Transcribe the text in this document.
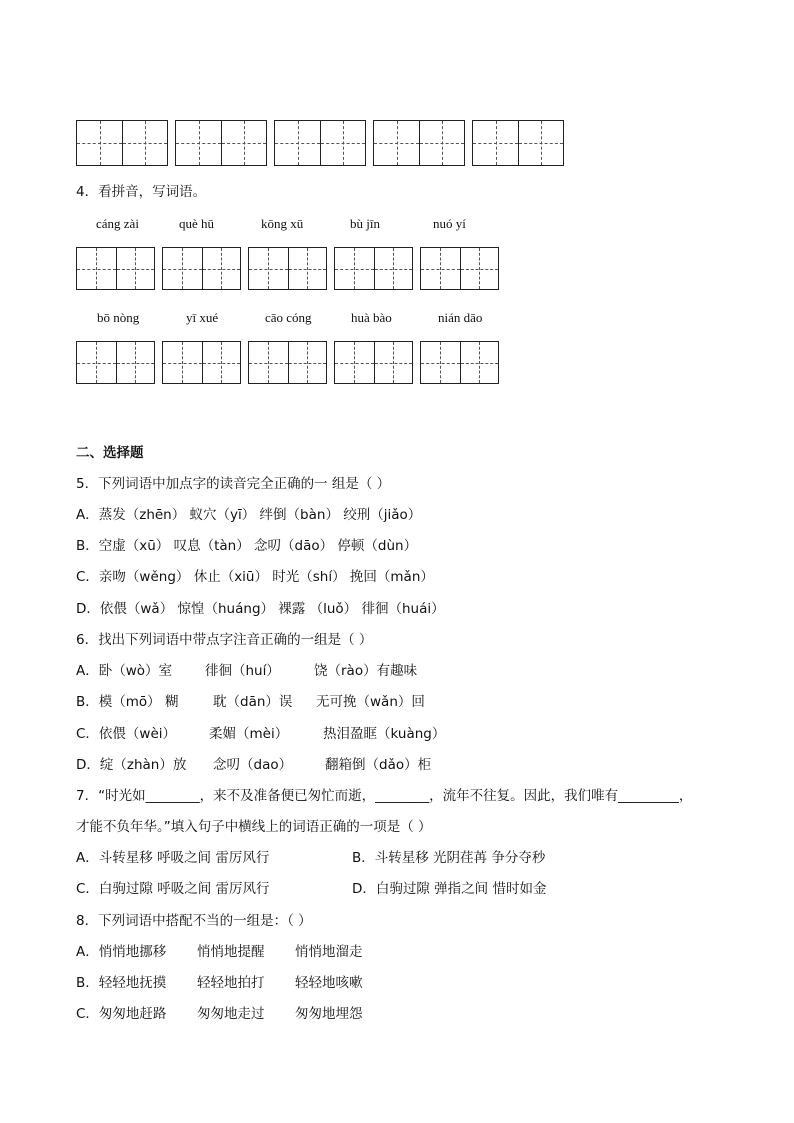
4．看拼音，写词语。
cáng zài	què hū	kōng xū	bù jīn	nuó yí
bō nòng	yī xué	cāo cóng	huà bào	nián dāo
二、选择题
5．下列词语中加点字的读音完全正确的一 组是（ ）
A．蒸发（zhēn） 蚁穴（yī） 绊倒（bàn） 绞刑（jiǎo）
B．空虚（xū） 叹息（tàn） 念叨（dāo） 停顿（dùn）
C．亲吻（wěng） 休止（xiū） 时光（shí） 挽回（mǎn）
D．依偎（wǎ） 惊惶（huáng） 裸露 （luǒ） 徘徊（huái）
6．找出下列词语中带点字注音正确的一组是（ ）
A．卧（wò）室 徘徊（huí）	饶（rào）有趣味
B．模（mō） 糊	耽（dān）误 无可挽（wǎn）回
C．依偎（wèi） 柔媚（mèi）	热泪盈眶（kuàng）
D．绽（zhàn）放 念叨（dao） 翻箱倒（dǎo）柜
7．“时光如________，来不及准备便已匆忙而逝，________，流年不往复。因此，我们唯有_________，
才能不负年华。”填入句子中横线上的词语正确的一项是（ ）
A．斗转星移 呼吸之间 雷厉风行	B．斗转星移 光阴荏苒 争分夺秒
C．白驹过隙 呼吸之间 雷厉风行	D．白驹过隙 弹指之间 惜时如金
8．下列词语中搭配不当的一组是：（ ）
A．悄悄地挪移 悄悄地提醒 悄悄地溜走
B．轻轻地抚摸 轻轻地拍打 轻轻地咳嗽
C．匆匆地赶路 匆匆地走过 匆匆地埋怨
